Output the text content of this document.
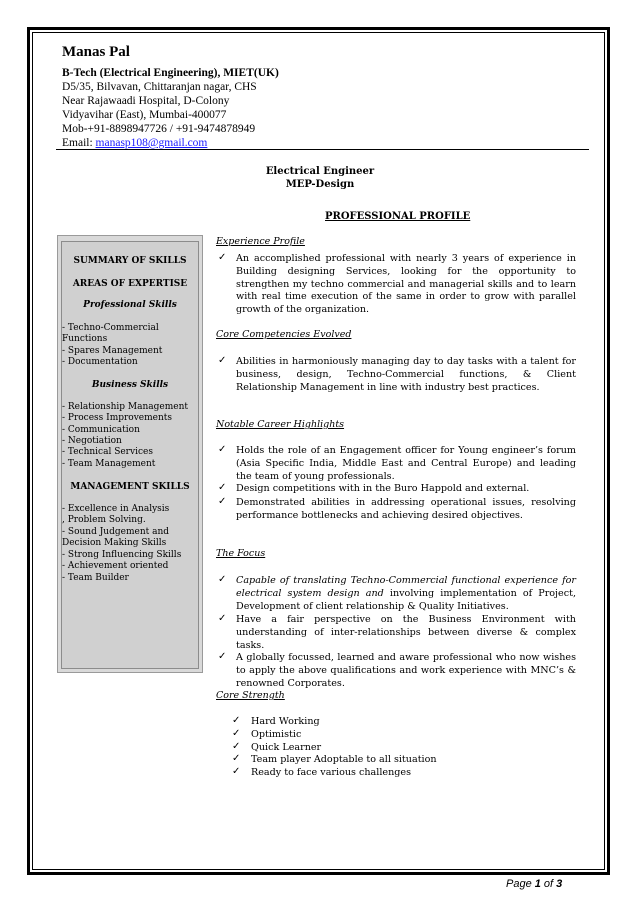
Manas Pal
B-Tech (Electrical Engineering), MIET(UK)
D5/35, Bilvavan, Chittaranjan nagar, CHS
Near Rajawaadi Hospital, D-Colony
Vidyavihar (East), Mumbai-400077
Mob-+91-8898947726 / +91-9474878949
Email: manasp108@gmail.com
Electrical Engineer
MEP-Design
PROFESSIONAL PROFILE
SUMMARY OF SKILLS
AREAS OF EXPERTISE
Professional Skills
- Techno-Commercial
Functions
- Spares Management
- Documentation
Business Skills
- Relationship Management
- Process Improvements
- Communication
- Negotiation
- Technical Services
- Team Management
MANAGEMENT SKILLS
- Excellence in Analysis
, Problem Solving.
- Sound Judgement and
Decision Making Skills
- Strong Influencing Skills
- Achievement oriented
- Team Builder
Experience Profile
✓ An accomplished professional with nearly 3 years of experience in Building designing Services, looking for the opportunity to strengthen my techno commercial and managerial skills and to learn with real time execution of the same in order to grow with parallel growth of the organization.
Core Competencies Evolved
✓ Abilities in harmoniously managing day to day tasks with a talent for business, design, Techno-Commercial functions, & Client Relationship Management in line with industry best practices.
Notable Career Highlights
✓ Holds the role of an Engagement officer for Young engineer’s forum (Asia Specific India, Middle East and Central Europe) and leading the team of young professionals.
✓ Design competitions with in the Buro Happold and external.
✓ Demonstrated abilities in addressing operational issues, resolving performance bottlenecks and achieving desired objectives.
The Focus
✓ Capable of translating Techno-Commercial functional experience for electrical system design and involving implementation of Project, Development of client relationship & Quality Initiatives.
✓ Have a fair perspective on the Business Environment with understanding of inter-relationships between diverse & complex tasks.
✓ A globally focussed, learned and aware professional who now wishes to apply the above qualifications and work experience with MNC’s & renowned Corporates.
Core Strength
✓ Hard Working
✓ Optimistic
✓ Quick Learner
✓ Team player Adoptable to all situation
✓ Ready to face various challenges
Page 1 of 3
